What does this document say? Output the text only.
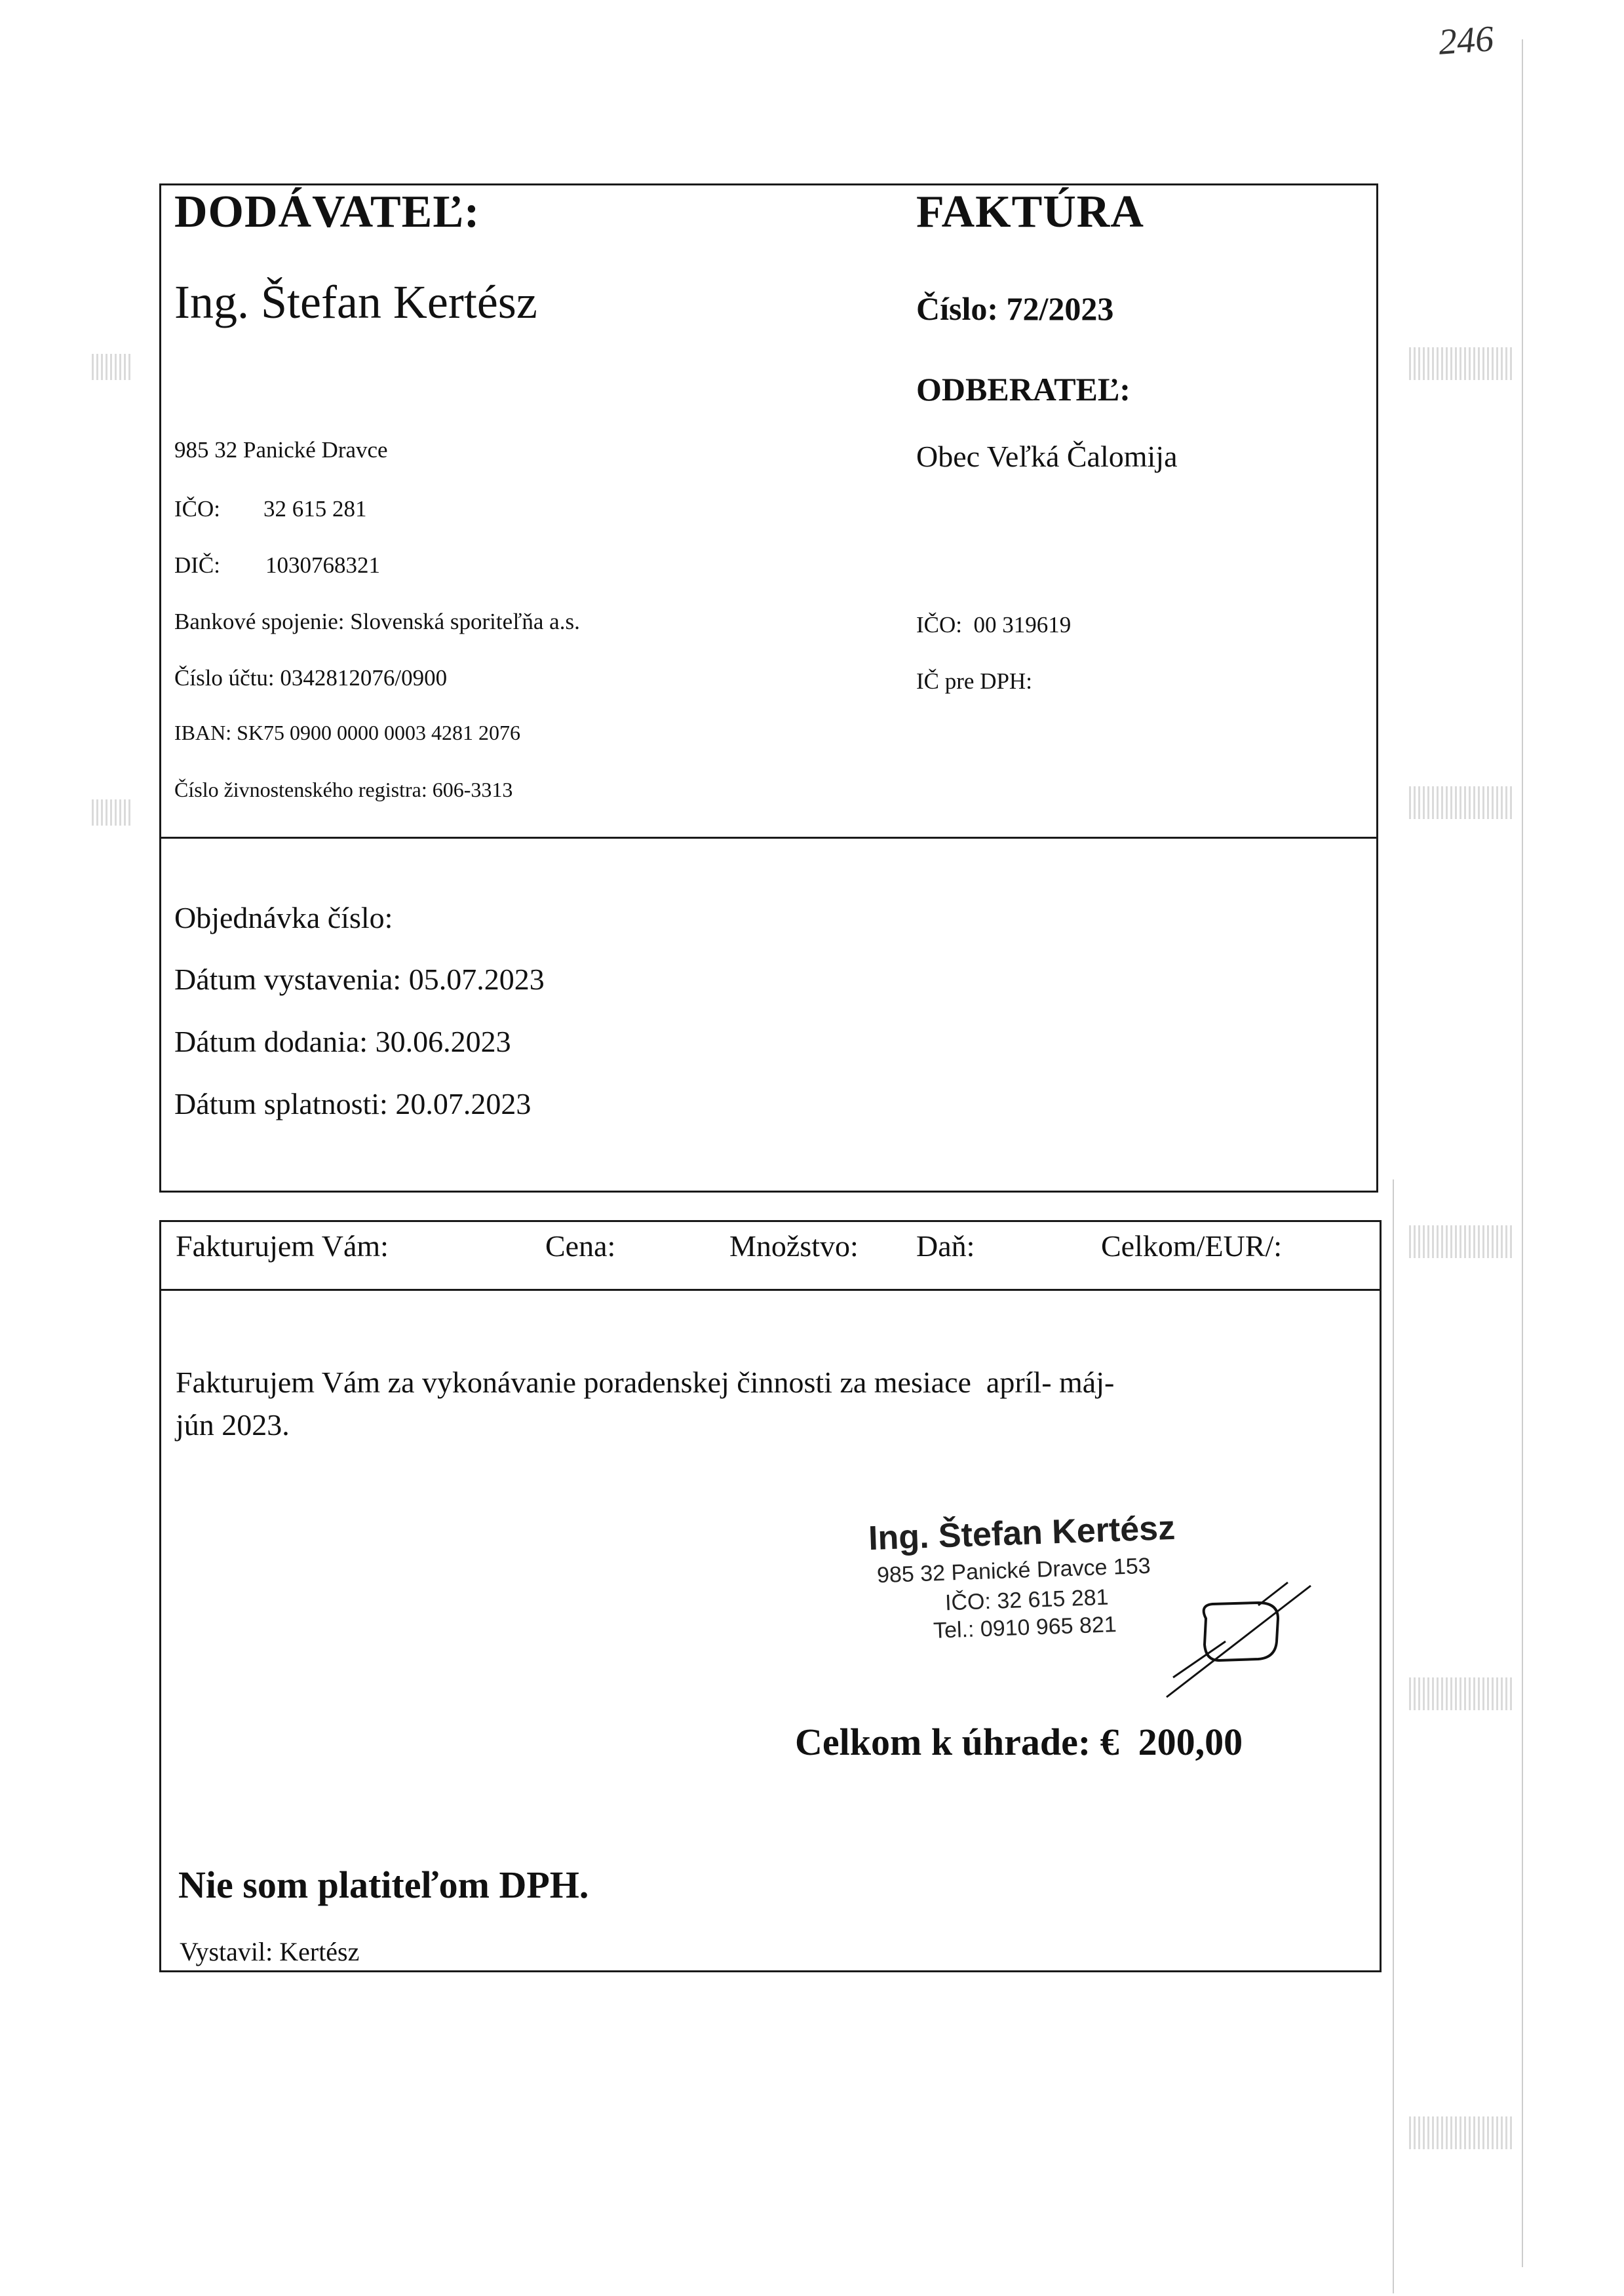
246
DODÁVATEĽ:
Ing. Štefan Kertész
985 32 Panické Dravce
IČO: 32 615 281
DIČ: 1030768321
Bankové spojenie: Slovenská sporiteľňa a.s.
Číslo účtu: 0342812076/0900
IBAN: SK75 0900 0000 0003 4281 2076
Číslo živnostenského registra: 606-3313
FAKTÚRA
Číslo: 72/2023
ODBERATEĽ:
Obec Veľká Čalomija
IČO:  00 319619
IČ pre DPH:
Objednávka číslo:
Dátum vystavenia: 05.07.2023
Dátum dodania: 30.06.2023
Dátum splatnosti: 20.07.2023
Fakturujem Vám:	Cena:	Množstvo: Daň:	Celkom/EUR/:
Fakturujem Vám za vykonávanie poradenskej činnosti za mesiace  apríl- máj-
jún 2023.
Ing. Štefan Kertész
985 32 Panické Dravce 153
IČO: 32 615 281
Tel.: 0910 965 821
Celkom k úhrade: €  200,00
Nie som platiteľom DPH.
Vystavil: Kertész
